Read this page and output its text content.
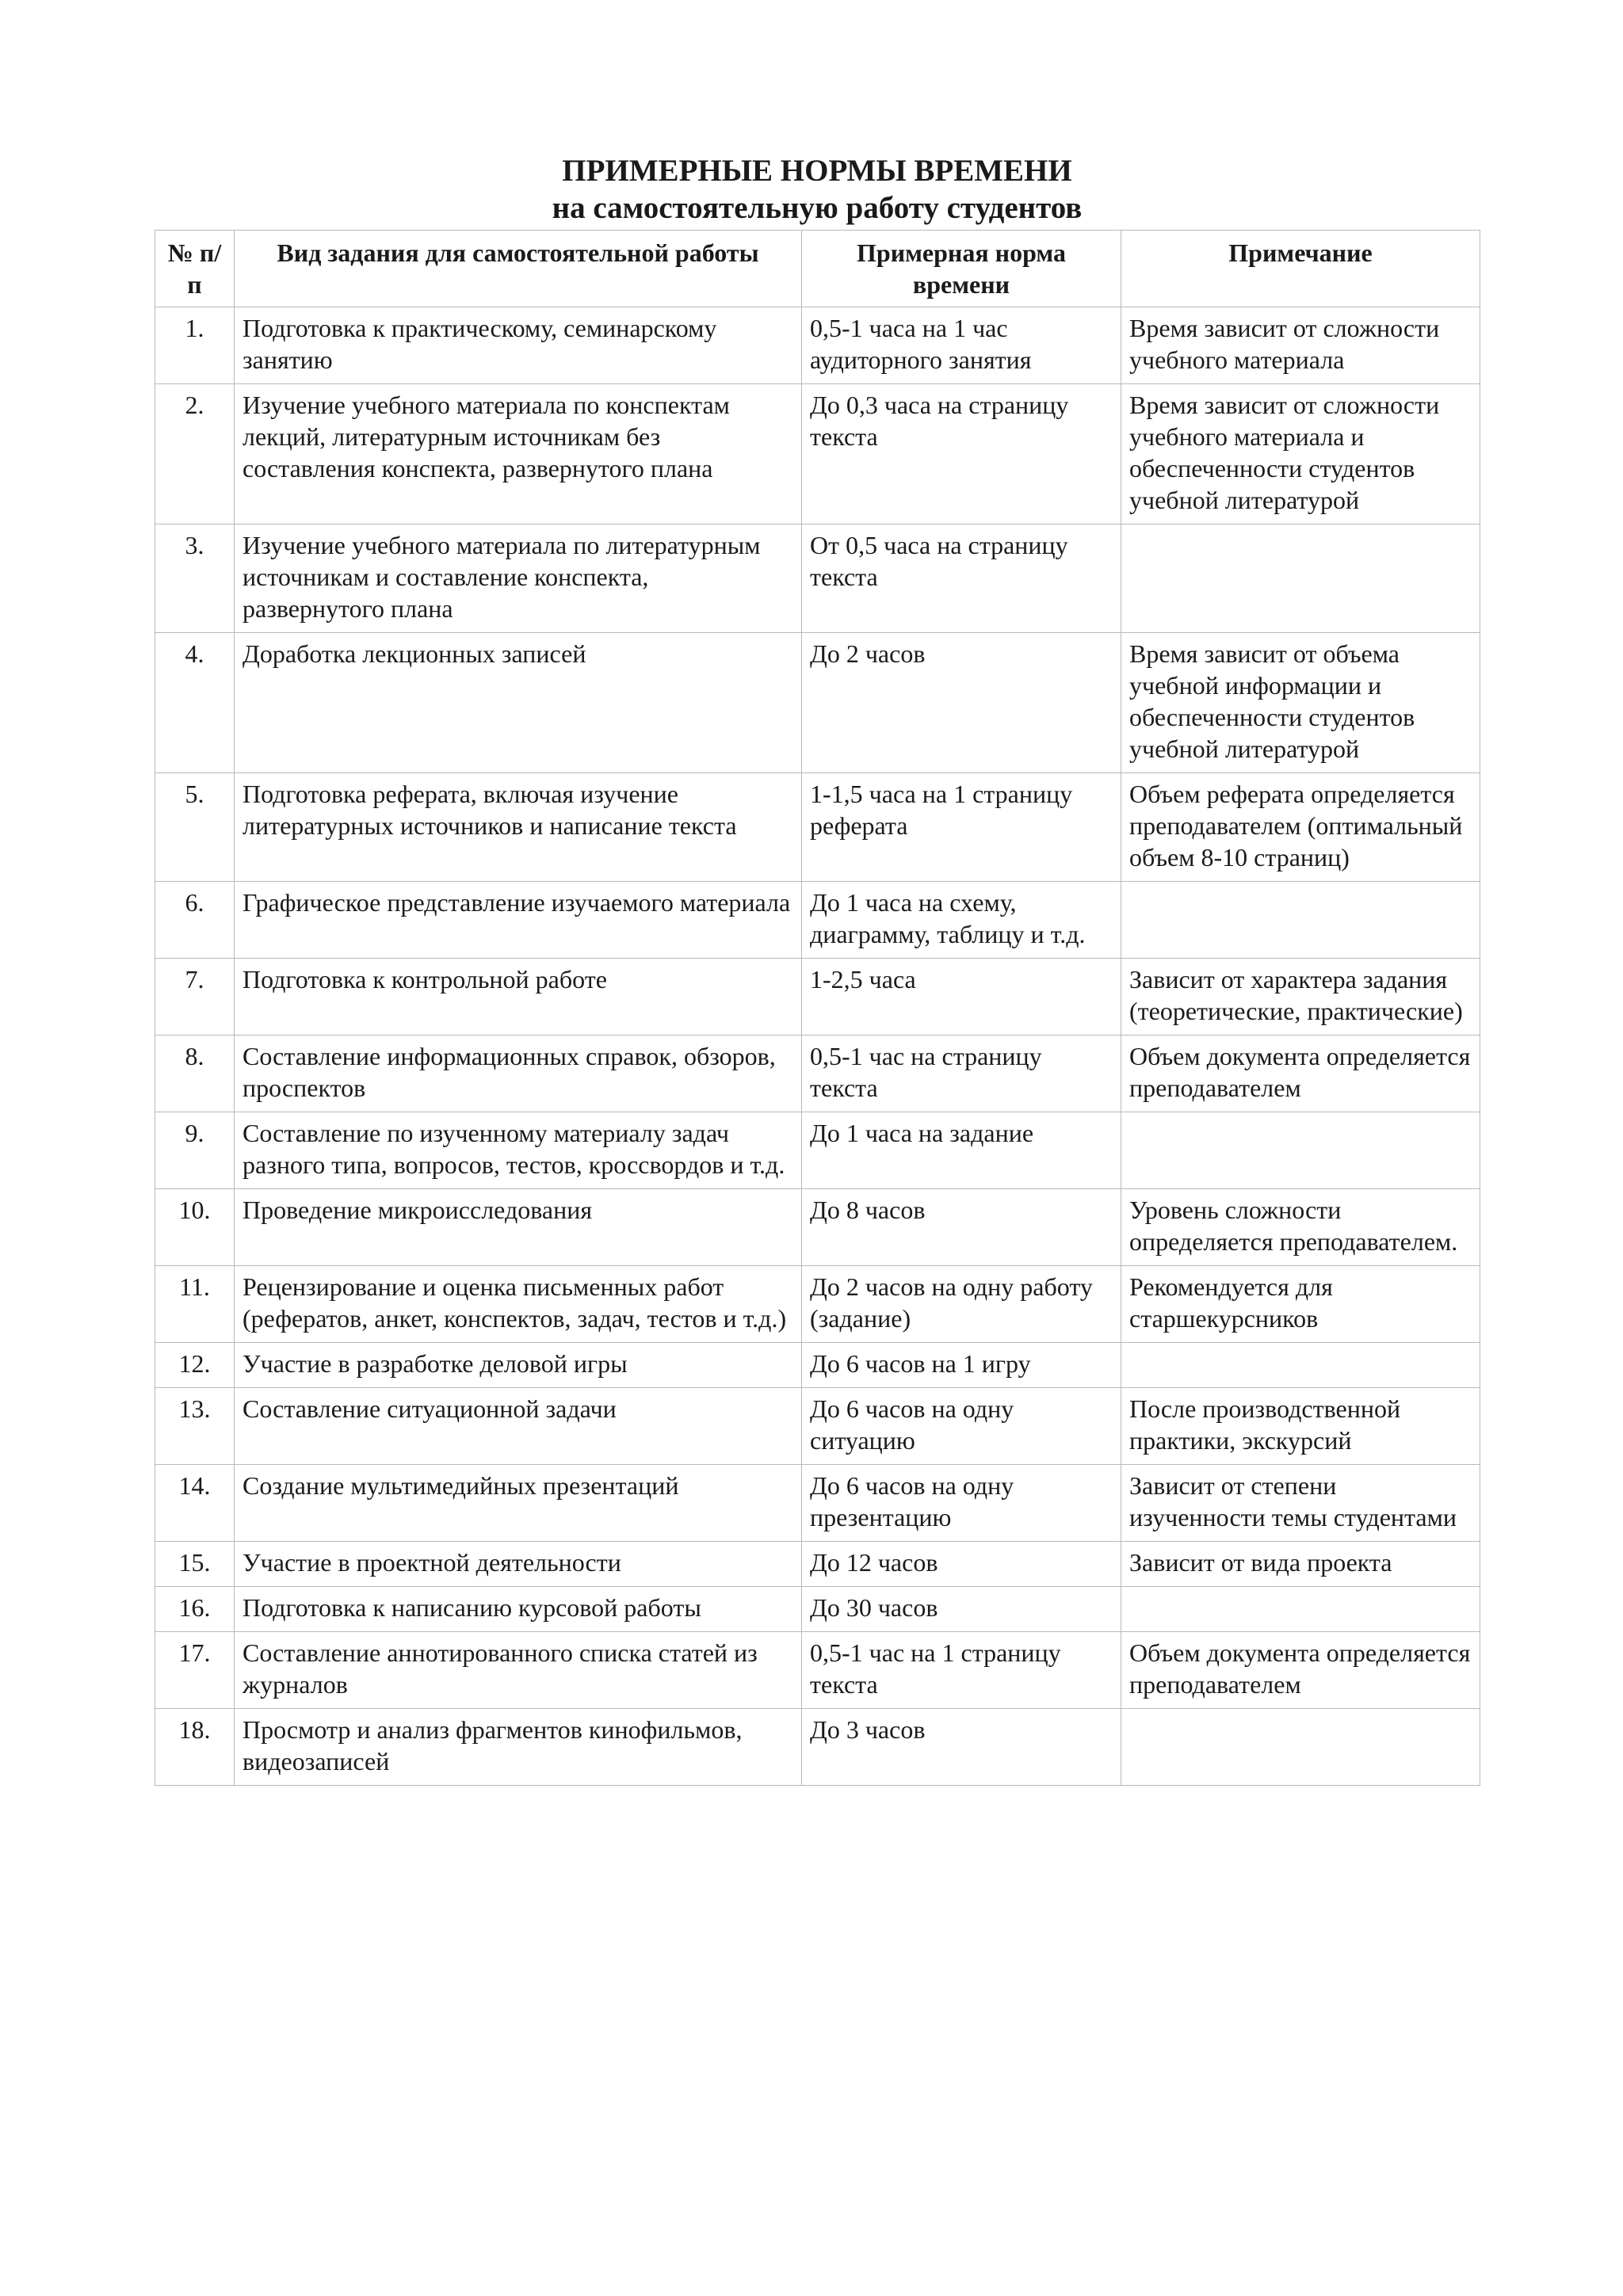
ПРИМЕРНЫЕ НОРМЫ ВРЕМЕНИ
на самостоятельную работу студентов
№ п/п	Вид задания для самостоятельной работы	Примерная норма времени	Примечание
1.	Подготовка к практическому, семинарскому занятию	0,5-1 часа на 1 час аудиторного занятия	Время зависит от сложности учебного материала
2.	Изучение учебного материала по конспектам лекций, литературным источникам без составления конспекта, развернутого плана	До 0,3 часа на страницу текста	Время зависит от сложности учебного материала и обеспеченности студентов учебной литературой
3.	Изучение учебного материала по литературным источникам и составление конспекта, развернутого плана	От 0,5 часа на страницу текста	
4.	Доработка лекционных записей	До 2 часов	Время зависит от объема учебной информации и обеспеченности студентов учебной литературой
5.	Подготовка реферата, включая изучение литературных источников и написание текста	1-1,5 часа на 1 страницу реферата	Объем реферата определяется преподавателем (оптимальный объем 8-10 страниц)
6.	Графическое представление изучаемого материала	До 1 часа на схему, диаграмму, таблицу и т.д.	
7.	Подготовка к контрольной работе	1-2,5 часа	Зависит от характера задания (теоретические, практические)
8.	Составление информационных справок, обзоров, проспектов	0,5-1 час на страницу текста	Объем документа определяется преподавателем
9.	Составление по изученному материалу задач разного типа, вопросов, тестов, кроссвордов и т.д.	До 1 часа на задание	
10.	Проведение микроисследования	До 8 часов	Уровень сложности определяется преподавателем.
11.	Рецензирование и оценка письменных работ (рефератов, анкет, конспектов, задач, тестов и т.д.)	До 2 часов на одну работу (задание)	Рекомендуется для старшекурсников
12.	Участие в разработке деловой игры	До 6 часов на 1 игру	
13.	Составление ситуационной задачи	До 6 часов на одну ситуацию	После производственной практики, экскурсий
14.	Создание мультимедийных презентаций	До 6 часов на одну презентацию	Зависит от степени изученности темы студентами
15.	Участие в проектной деятельности	До 12 часов	Зависит от вида проекта
16.	Подготовка к написанию курсовой работы	До 30 часов	
17.	Составление аннотированного списка статей из журналов	0,5-1 час на 1 страницу текста	Объем документа определяется преподавателем
18.	Просмотр и анализ фрагментов кинофильмов, видеозаписей	До 3 часов	
